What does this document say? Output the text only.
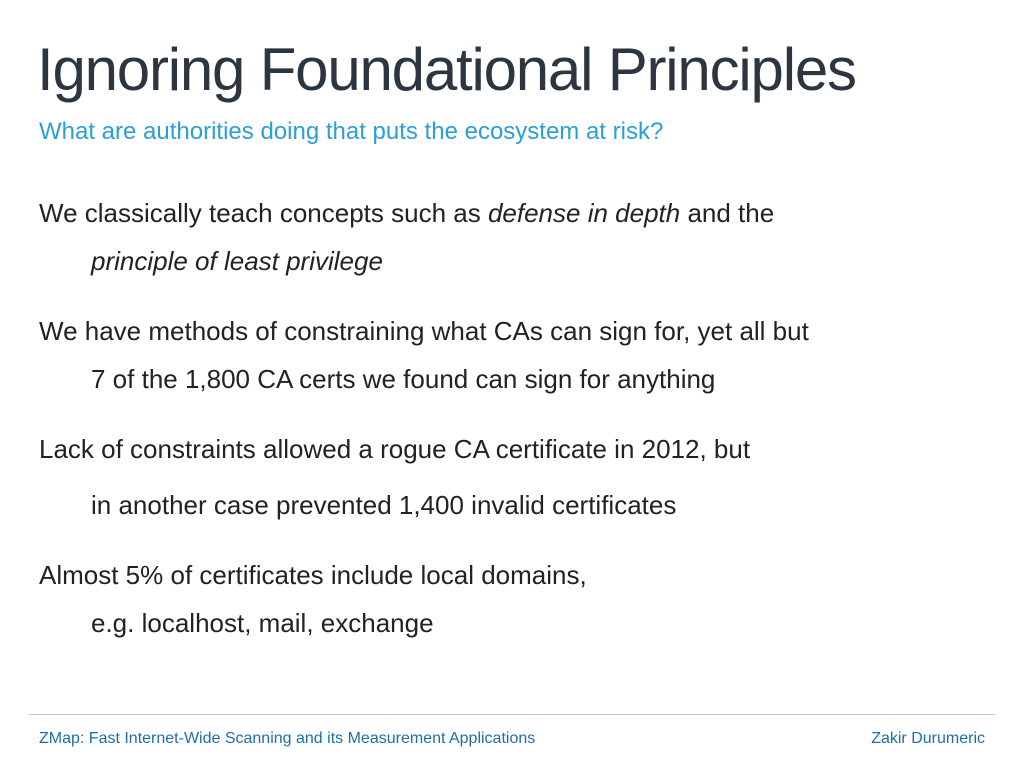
Ignoring Foundational Principles

What are authorities doing that puts the ecosystem at risk?

We classically teach concepts such as defense in depth and the

principle of least privilege

We have methods of constraining what CAs can sign for, yet all but

7 of the 1,800 CA certs we found can sign for anything

Lack of constraints allowed a rogue CA certificate in 2012, but

in another case prevented 1,400 invalid certificates

Almost 5% of certificates include local domains,

e.g. localhost, mail, exchange

ZMap: Fast Internet-Wide Scanning and its Measurement Applications	Zakir Durumeric
